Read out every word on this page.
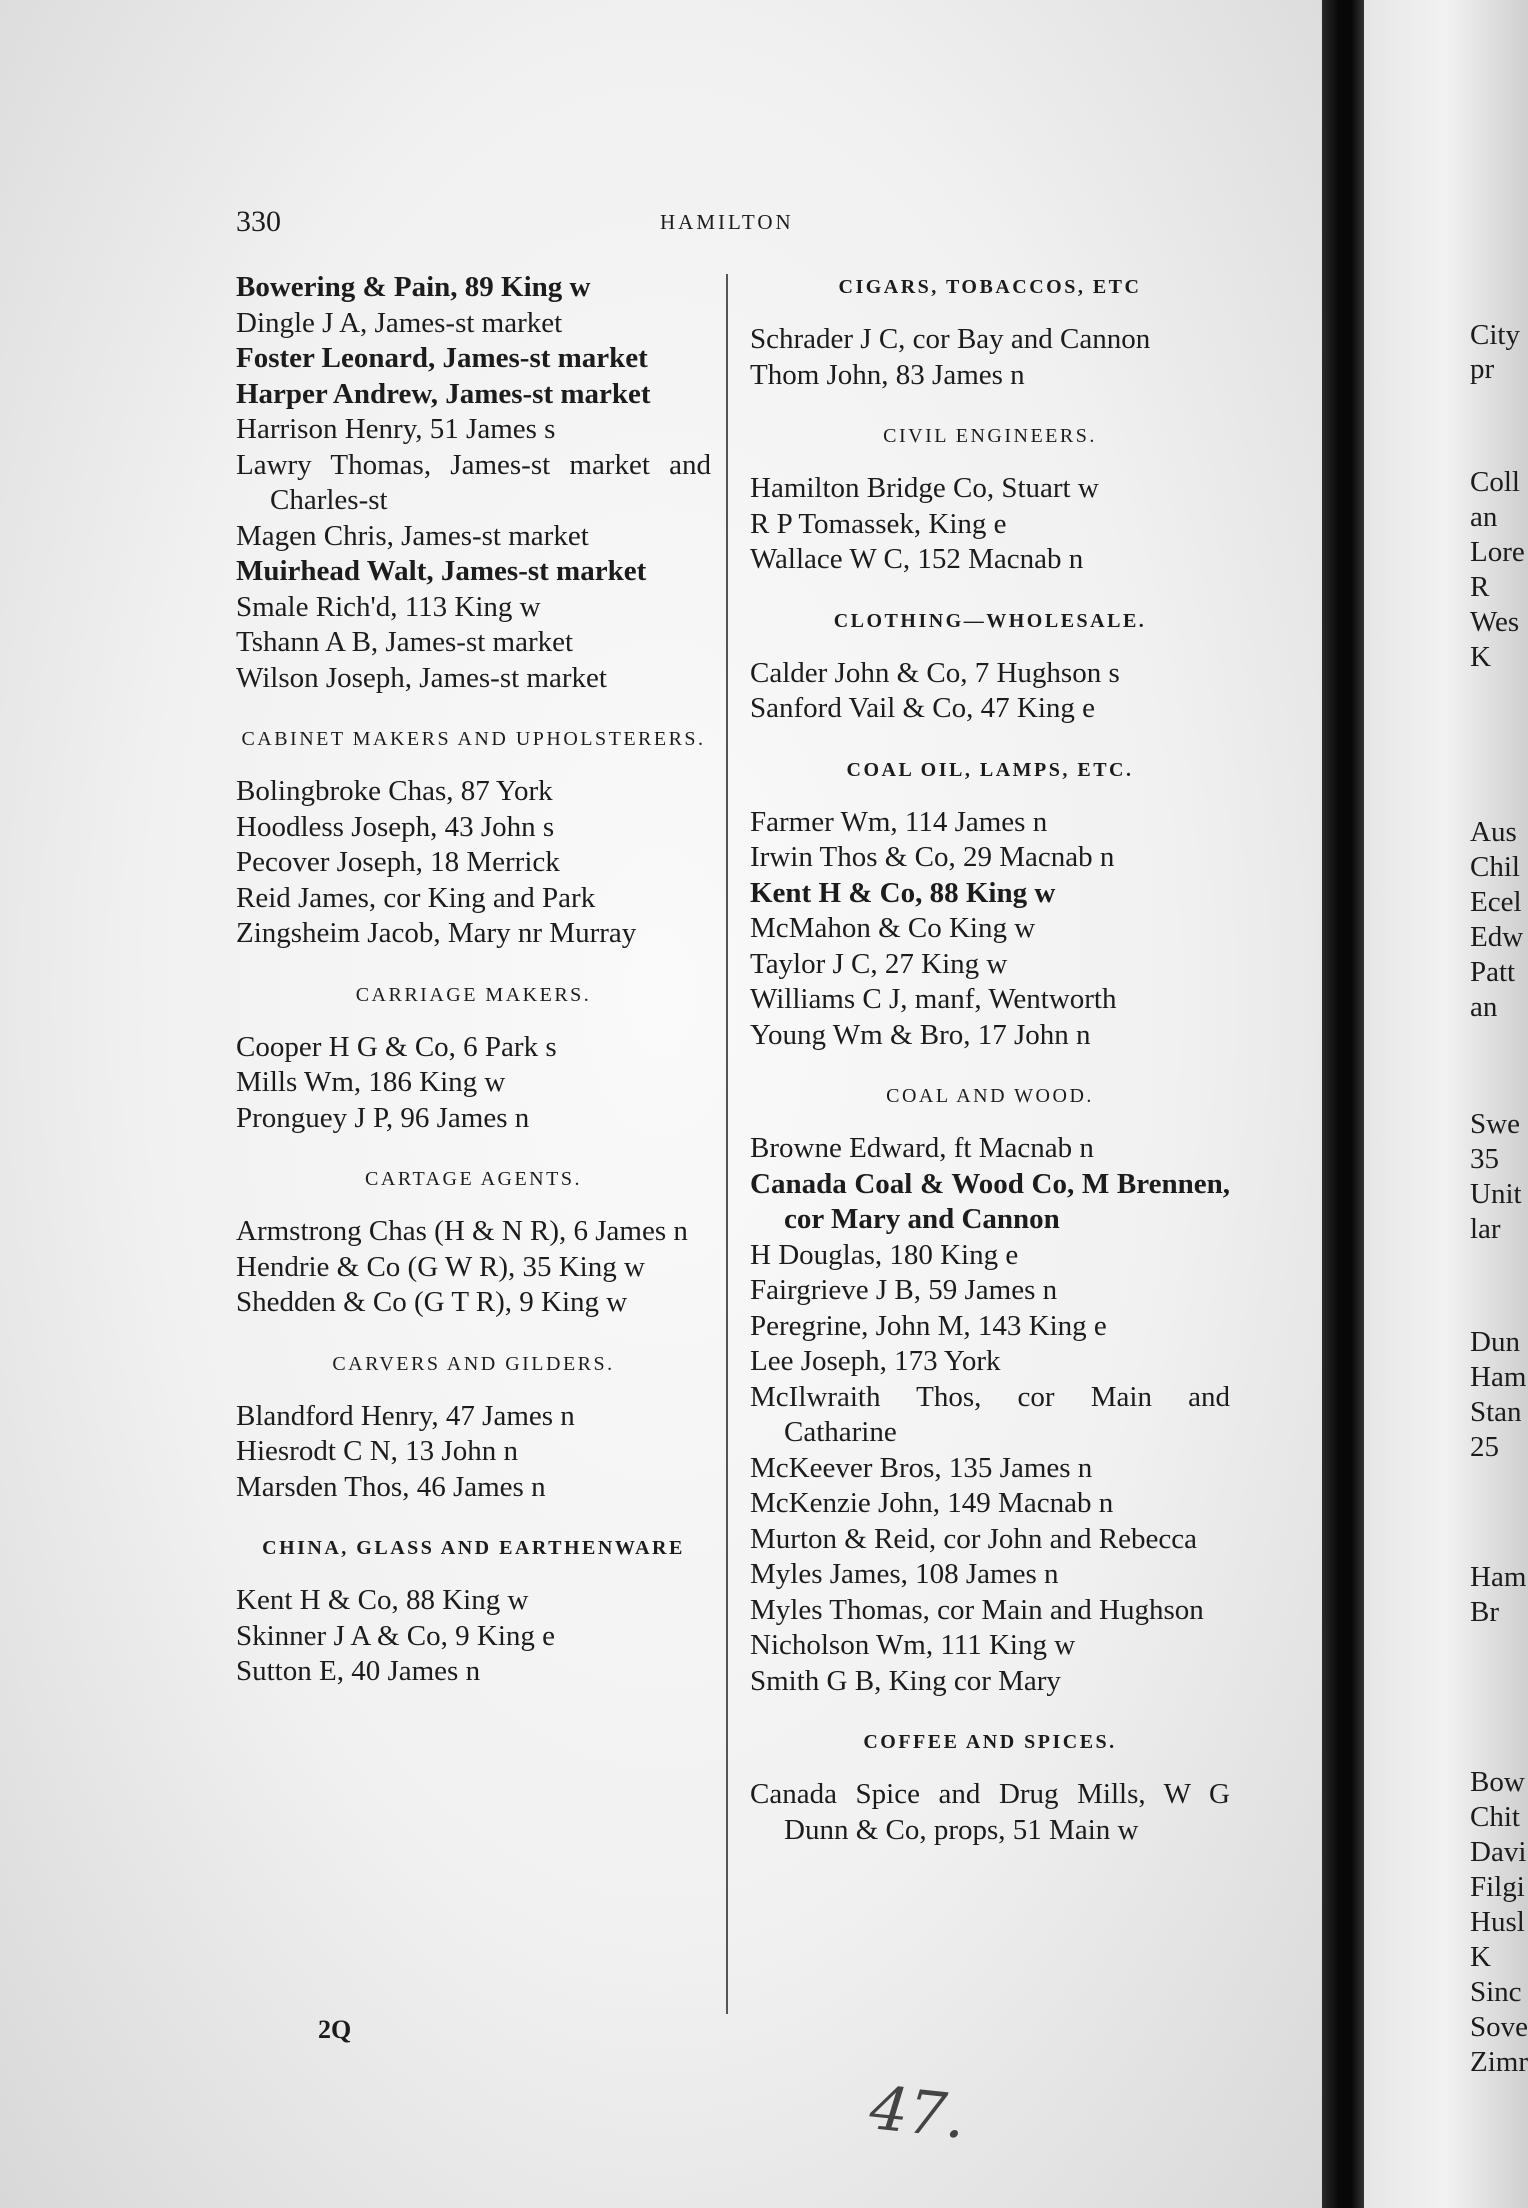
330	HAMILTON
Bowering & Pain, 89 King w
Dingle J A, James-st market
Foster Leonard, James-st market
Harper Andrew, James-st market
Harrison Henry, 51 James s
Lawry Thomas, James-st market and Charles-st
Magen Chris, James-st market
Muirhead Walt, James-st market
Smale Rich'd, 113 King w
Tshann A B, James-st market
Wilson Joseph, James-st market
CABINET MAKERS AND UPHOLSTERERS.
Bolingbroke Chas, 87 York
Hoodless Joseph, 43 John s
Pecover Joseph, 18 Merrick
Reid James, cor King and Park
Zingsheim Jacob, Mary nr Murray
CARRIAGE MAKERS.
Cooper H G & Co, 6 Park s
Mills Wm, 186 King w
Pronguey J P, 96 James n
CARTAGE AGENTS.
Armstrong Chas (H & N R), 6 James n
Hendrie & Co (G W R), 35 King w
Shedden & Co (G T R), 9 King w
CARVERS AND GILDERS.
Blandford Henry, 47 James n
Hiesrodt C N, 13 John n
Marsden Thos, 46 James n
CHINA, GLASS AND EARTHENWARE
Kent H & Co, 88 King w
Skinner J A & Co, 9 King e
Sutton E, 40 James n
CIGARS, TOBACCOS, ETC
Schrader J C, cor Bay and Cannon
Thom John, 83 James n
CIVIL ENGINEERS.
Hamilton Bridge Co, Stuart w
R P Tomassek, King e
Wallace W C, 152 Macnab n
CLOTHING—WHOLESALE.
Calder John & Co, 7 Hughson s
Sanford Vail & Co, 47 King e
COAL OIL, LAMPS, ETC.
Farmer Wm, 114 James n
Irwin Thos & Co, 29 Macnab n
Kent H & Co, 88 King w
McMahon & Co King w
Taylor J C, 27 King w
Williams C J, manf, Wentworth
Young Wm & Bro, 17 John n
COAL AND WOOD.
Browne Edward, ft Macnab n
Canada Coal & Wood Co, M Brennen, cor Mary and Cannon
H Douglas, 180 King e
Fairgrieve J B, 59 James n
Peregrine, John M, 143 King e
Lee Joseph, 173 York
McIlwraith Thos, cor Main and Catharine
McKeever Bros, 135 James n
McKenzie John, 149 Macnab n
Murton & Reid, cor John and Rebecca
Myles James, 108 James n
Myles Thomas, cor Main and Hughson
Nicholson Wm, 111 King w
Smith G B, King cor Mary
COFFEE AND SPICES.
Canada Spice and Drug Mills, W G Dunn & Co, props, 51 Main w
2Q
47.
City
pr
Coll
an
Lore
R
Wes
K
Aus
Chil
Ecel
Edw
Patt
an
Swe
35
Unit
lar
Dun
Ham
Stan
25
Ham
Br
Bow
Chit
Davi
Filgi
Husl
K
Sinc
Sove
Zimr
